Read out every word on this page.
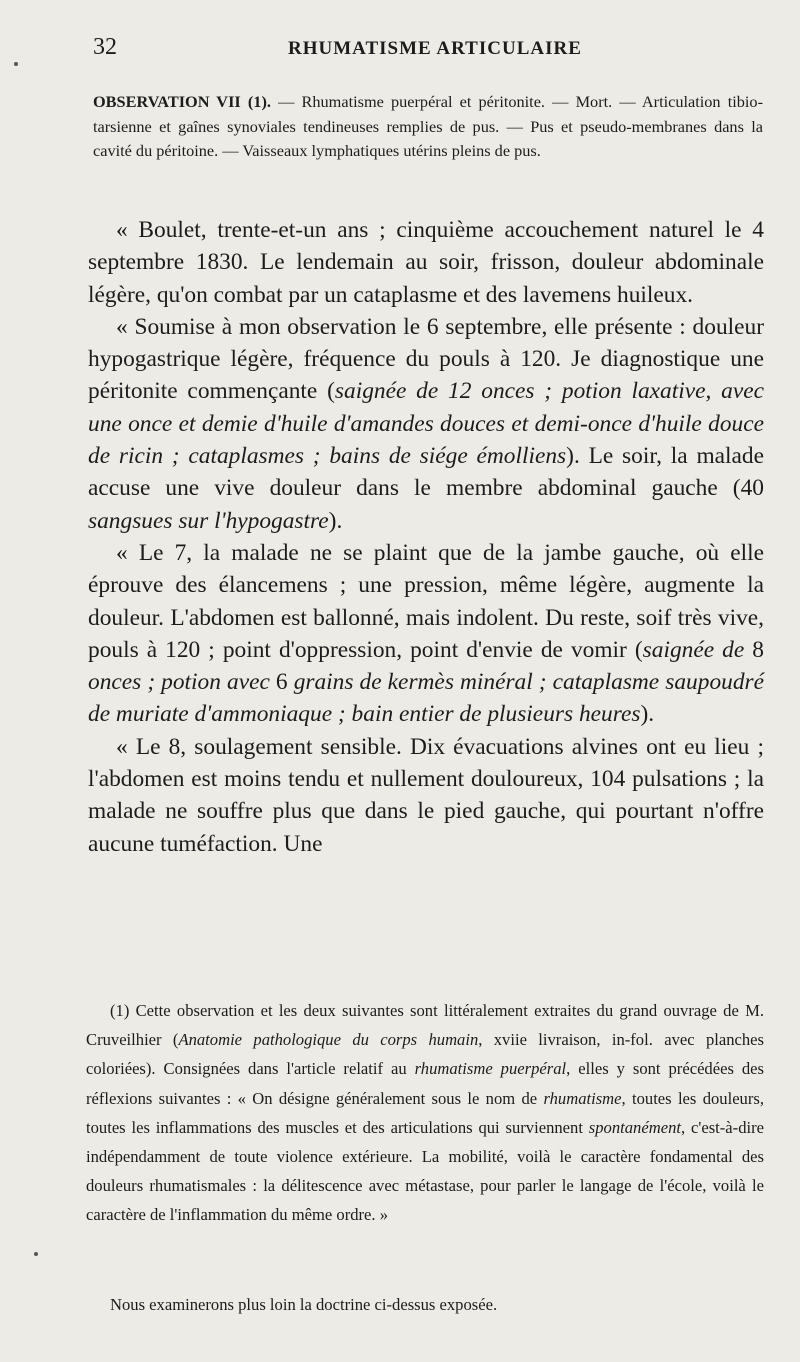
32	RHUMATISME ARTICULAIRE
OBSERVATION VII (1). — Rhumatisme puerpéral et péritonite. — Mort. — Articulation tibio-tarsienne et gaînes synoviales tendineuses remplies de pus. — Pus et pseudo-membranes dans la cavité du péritoine. — Vaisseaux lymphatiques utérins pleins de pus.

« Boulet, trente-et-un ans ; cinquième accouchement naturel le 4 septembre 1830. Le lendemain au soir, frisson, douleur abdominale légère, qu'on combat par un cataplasme et des lavemens huileux.

« Soumise à mon observation le 6 septembre, elle présente : douleur hypogastrique légère, fréquence du pouls à 120. Je diagnostique une péritonite commençante (saignée de 12 onces ; potion laxative, avec une once et demie d'huile d'amandes douces et demi-once d'huile douce de ricin ; cataplasmes ; bains de siége émolliens). Le soir, la malade accuse une vive douleur dans le membre abdominal gauche (40 sangsues sur l'hypogastre).

« Le 7, la malade ne se plaint que de la jambe gauche, où elle éprouve des élancemens ; une pression, même légère, augmente la douleur. L'abdomen est ballonné, mais indolent. Du reste, soif très vive, pouls à 120 ; point d'oppression, point d'envie de vomir (saignée de 8 onces ; potion avec 6 grains de kermès minéral ; cataplasme saupoudré de muriate d'ammoniaque ; bain entier de plusieurs heures).

« Le 8, soulagement sensible. Dix évacuations alvines ont eu lieu ; l'abdomen est moins tendu et nullement douloureux, 104 pulsations ; la malade ne souffre plus que dans le pied gauche, qui pourtant n'offre aucune tuméfaction. Une

(1) Cette observation et les deux suivantes sont littéralement extraites du grand ouvrage de M. Cruveilhier (Anatomie pathologique du corps humain, xviie livraison, in-fol. avec planches coloriées). Consignées dans l'article relatif au rhumatisme puerpéral, elles y sont précédées des réflexions suivantes : « On désigne généralement sous le nom de rhumatisme, toutes les douleurs, toutes les inflammations des muscles et des articulations qui surviennent spontanément, c'est-à-dire indépendamment de toute violence extérieure. La mobilité, voilà le caractère fondamental des douleurs rhumatismales : la délitescence avec métastase, pour parler le langage de l'école, voilà le caractère de l'inflammation du même ordre. »

Nous examinerons plus loin la doctrine ci-dessus exposée.
